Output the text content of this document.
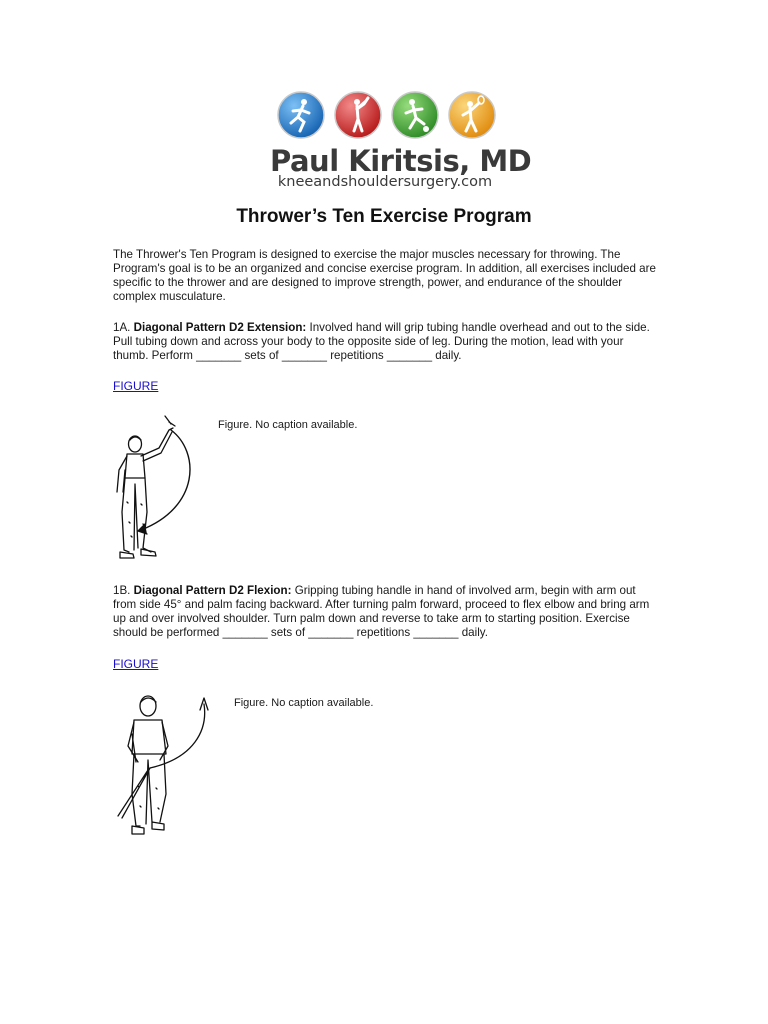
Paul Kiritsis, MD
kneeandshouldersurgery.com
Thrower’s Ten Exercise Program
The Thrower's Ten Program is designed to exercise the major muscles necessary for throwing. The Program's goal is to be an organized and concise exercise program. In addition, all exercises included are specific to the thrower and are designed to improve strength, power, and endurance of the shoulder complex musculature.
1A. Diagonal Pattern D2 Extension: Involved hand will grip tubing handle overhead and out to the side. Pull tubing down and across your body to the opposite side of leg. During the motion, lead with your thumb. Perform _______ sets of _______ repetitions _______ daily.
FIGURE
Figure. No caption available.
1B. Diagonal Pattern D2 Flexion: Gripping tubing handle in hand of involved arm, begin with arm out from side 45° and palm facing backward. After turning palm forward, proceed to flex elbow and bring arm up and over involved shoulder. Turn palm down and reverse to take arm to starting position. Exercise should be performed _______ sets of _______ repetitions _______ daily.
FIGURE
Figure. No caption available.
